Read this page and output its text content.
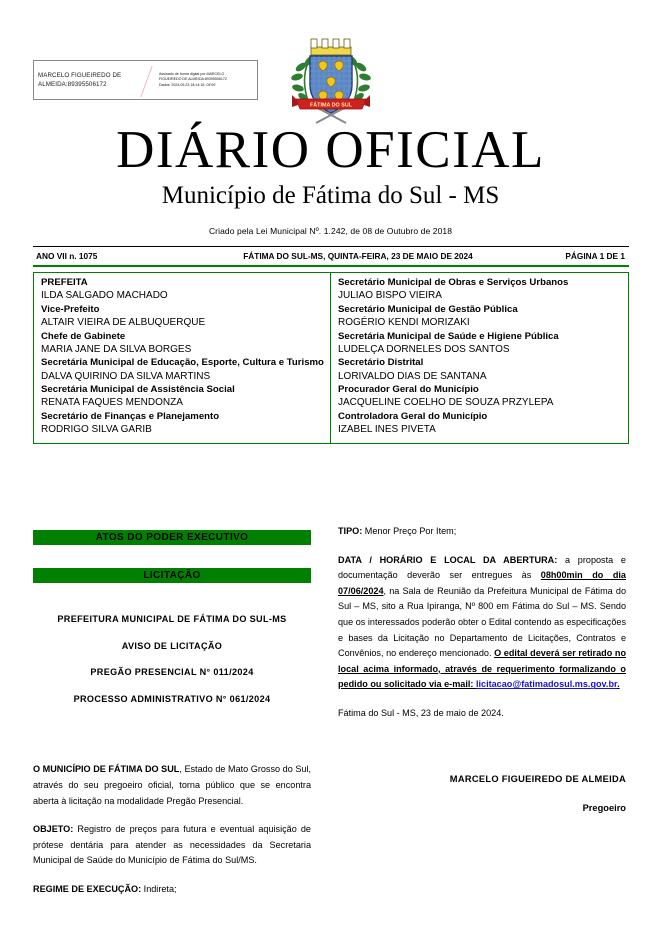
MARCELO FIGUEIREDO DE
ALMEIDA:89395506172
Assinado de forma digital por MARCELO
FIGUEIREDO DE ALMEIDA:89395506172
Dados: 2024.05.23 18:14:18 -04'00'
FÁTIMA DO SUL
DIÁRIO OFICIAL
Município de Fátima do Sul - MS
Criado pela Lei Municipal Nº. 1.242, de 08 de Outubro de 2018
ANO VII n. 1075	FÁTIMA DO SUL-MS, QUINTA-FEIRA, 23 DE MAIO DE 2024	PÁGINA 1 DE 1
PREFEITA
ILDA SALGADO MACHADO
Vice-Prefeito
ALTAIR VIEIRA DE ALBUQUERQUE
Chefe de Gabinete
MARIA JANE DA SILVA BORGES
Secretária Municipal de Educação, Esporte, Cultura e Turismo
DALVA QUIRINO DA SILVA MARTINS
Secretária Municipal de Assistência Social
RENATA FAQUES MENDONZA
Secretário de Finanças e Planejamento
RODRIGO SILVA GARIB
Secretário Municipal de Obras e Serviços Urbanos
JULIAO BISPO VIEIRA
Secretário Municipal de Gestão Pública
ROGÉRIO KENDI MORIZAKI
Secretária Municipal de Saúde e Higiene Pública
LUDELÇA DORNELES DOS SANTOS
Secretário Distrital
LORIVALDO DIAS DE SANTANA
Procurador Geral do Município
JACQUELINE COELHO DE SOUZA PRZYLEPA
Controladora Geral do Município
IZABEL INES PIVETA
ATOS DO PODER EXECUTIVO
LICITAÇÃO
PREFEITURA MUNICIPAL DE FÁTIMA DO SUL-MS
AVISO DE LICITAÇÃO
PREGÃO PRESENCIAL N° 011/2024
PROCESSO ADMINISTRATIVO N° 061/2024

O MUNICÍPIO DE FÁTIMA DO SUL, Estado de Mato Grosso do Sul, através do seu pregoeiro oficial, torna público que se encontra aberta à licitação na modalidade Pregão Presencial.

OBJETO: Registro de preços para futura e eventual aquisição de prótese dentária para atender as necessidades da Secretaria Municipal de Saúde do Município de Fátima do Sul/MS.

REGIME DE EXECUÇÃO: Indireta;

TIPO: Menor Preço Por Item;

DATA / HORÁRIO E LOCAL DA ABERTURA: a proposta e documentação deverão ser entregues às 08h00min do dia 07/06/2024, na Sala de Reunião da Prefeitura Municipal de Fátima do Sul – MS, sito a Rua Ipiranga, Nº 800 em Fátima do Sul – MS. Sendo que os interessados poderão obter o Edital contendo as especificações e bases da Licitação no Departamento de Licitações, Contratos e Convênios, no endereço mencionado. O edital deverá ser retirado no local acima informado, através de requerimento formalizando o pedido ou solicitado via e-mail: licitacao@fatimadosul.ms.gov.br.

Fátima do Sul - MS, 23 de maio de 2024.

MARCELO FIGUEIREDO DE ALMEIDA

Pregoeiro
